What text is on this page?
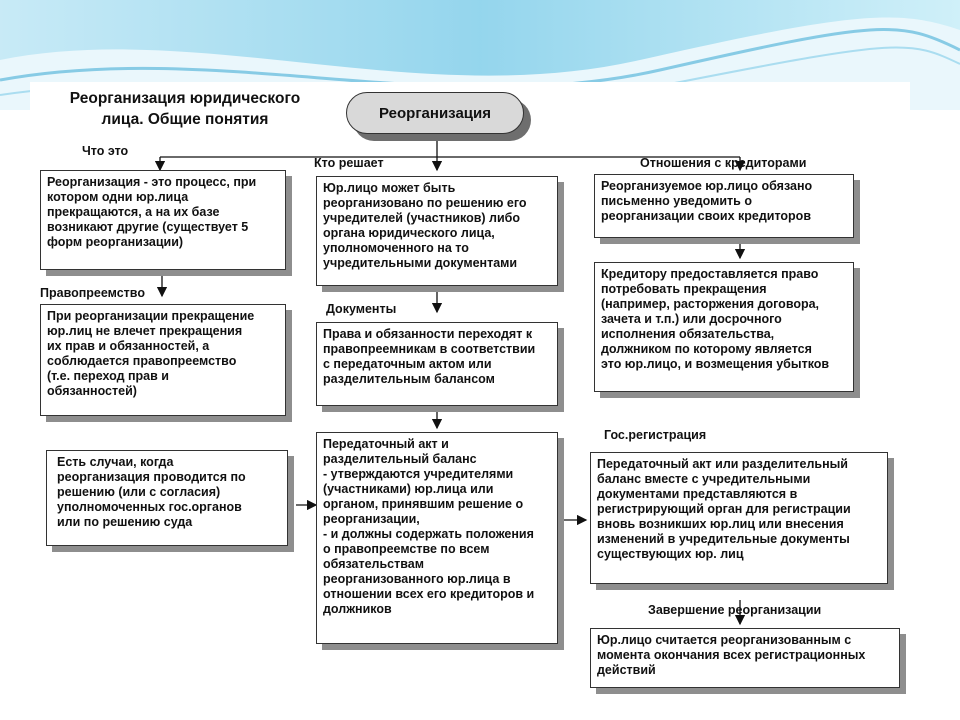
Реорганизация юридического
лица. Общие понятия	Реорганизация
Что это
Кто решает	Отношения с кредиторами
Правопреемство
Документы
Гос.регистрация
Завершение реорганизации
Реорганизация - это процесс, при
котором одни юр.лица
прекращаются, а на их базе
возникают другие (существует 5
форм реорганизации)
При реорганизации прекращение
юр.лиц не влечет прекращения
их прав и обязанностей, а
соблюдается правопреемство
(т.е. переход прав и
обязанностей)
Есть случаи, когда
реорганизация проводится по
решению (или с согласия)
уполномоченных гос.органов
или по решению суда
Юр.лицо может быть
реорганизовано по решению его
учредителей (участников) либо
органа юридического лица,
уполномоченного на то
учредительными документами
Права и обязанности переходят к
правопреемникам в соответствии
с передаточным актом или
разделительным балансом
Передаточный акт и
разделительный баланс
- утверждаются учредителями
(участниками) юр.лица или
органом, принявшим решение о
реорганизации,
- и должны содержать положения
о правопреемстве по всем
обязательствам
реорганизованного юр.лица в
отношении всех его кредиторов и
должников
Реорганизуемое юр.лицо обязано
письменно уведомить о
реорганизации своих кредиторов
Кредитору предоставляется право
потребовать прекращения
(например, расторжения договора,
зачета и т.п.) или досрочного
исполнения обязательства,
должником по которому является
это юр.лицо, и возмещения убытков
Передаточный акт или разделительный
баланс вместе с учредительными
документами представляются в
регистрирующий орган для регистрации
вновь возникших юр.лиц или внесения
изменений в учредительные документы
существующих юр. лиц
Юр.лицо считается реорганизованным с
момента окончания всех регистрационных
действий
